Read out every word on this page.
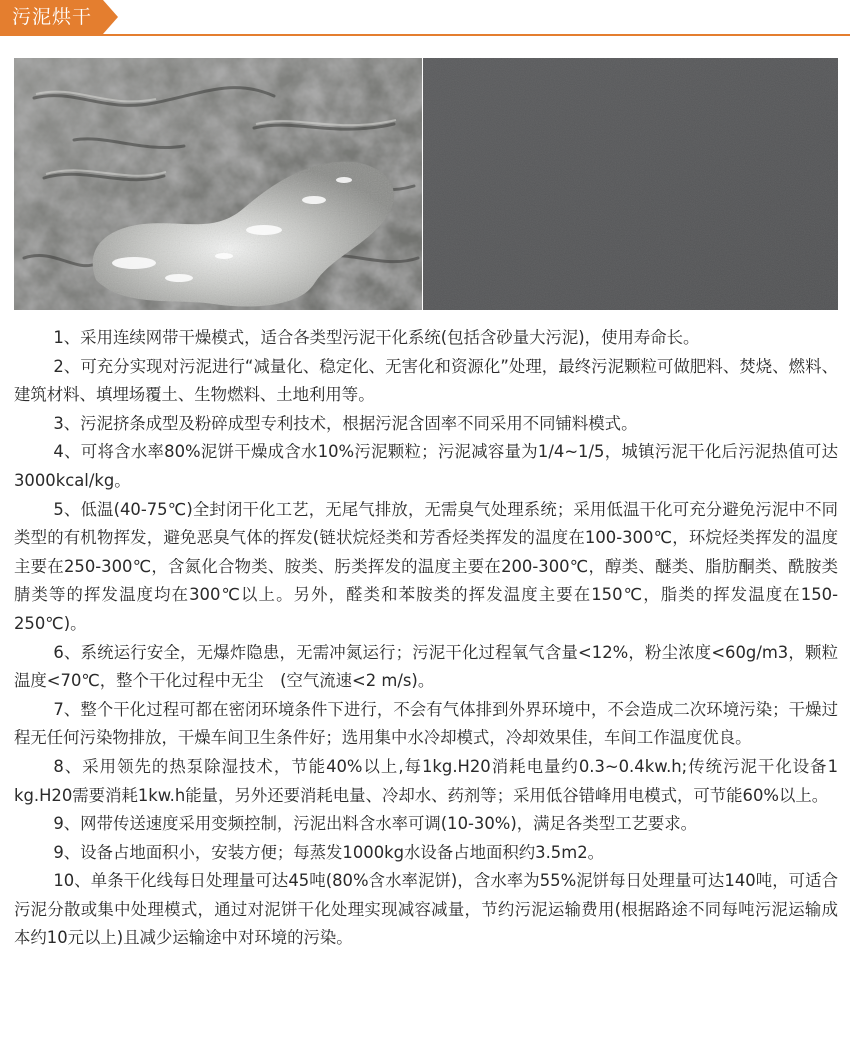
污泥烘干

1、采用连续网带干燥模式，适合各类型污泥干化系统(包括含砂量大污泥)，使用寿命长。

2、可充分实现对污泥进行“减量化、稳定化、无害化和资源化”处理，最终污泥颗粒可做肥料、焚烧、燃料、建筑材料、填埋场覆土、生物燃料、土地利用等。

3、污泥挤条成型及粉碎成型专利技术，根据污泥含固率不同采用不同铺料模式。

4、可将含水率80%泥饼干燥成含水10%污泥颗粒；污泥减容量为1/4~1/5，城镇污泥干化后污泥热值可达3000kcal/kg。

5、低温(40-75℃)全封闭干化工艺，无尾气排放，无需臭气处理系统；采用低温干化可充分避免污泥中不同类型的有机物挥发，避免恶臭气体的挥发(链状烷烃类和芳香烃类挥发的温度在100-300℃，环烷烃类挥发的温度主要在250-300℃，含氮化合物类、胺类、肟类挥发的温度主要在200-300℃，醇类、醚类、脂肪酮类、酰胺类腈类等的挥发温度均在300℃以上。另外，醛类和苯胺类的挥发温度主要在150℃，脂类的挥发温度在150-250℃)。

6、系统运行安全，无爆炸隐患，无需冲氮运行；污泥干化过程氧气含量<12%，粉尘浓度<60g/m3，颗粒温度<70℃，整个干化过程中无尘　(空气流速<2 m/s)。

7、整个干化过程可都在密闭环境条件下进行，不会有气体排到外界环境中，不会造成二次环境污染；干燥过程无任何污染物排放，干燥车间卫生条件好；选用集中水冷却模式，冷却效果佳，车间工作温度优良。

8、采用领先的热泵除湿技术，节能40%以上,每1kg.H20消耗电量约0.3~0.4kw.h;传统污泥干化设备1 kg.H20需要消耗1kw.h能量，另外还要消耗电量、冷却水、药剂等；采用低谷错峰用电模式，可节能60%以上。

9、网带传送速度采用变频控制，污泥出料含水率可调(10-30%)，满足各类型工艺要求。

9、设备占地面积小，安装方便；每蒸发1000kg水设备占地面积约3.5m2。

10、单条干化线每日处理量可达45吨(80%含水率泥饼)，含水率为55%泥饼每日处理量可达140吨，可适合污泥分散或集中处理模式，通过对泥饼干化处理实现减容减量，节约污泥运输费用(根据路途不同每吨污泥运输成本约10元以上)且减少运输途中对环境的污染。
